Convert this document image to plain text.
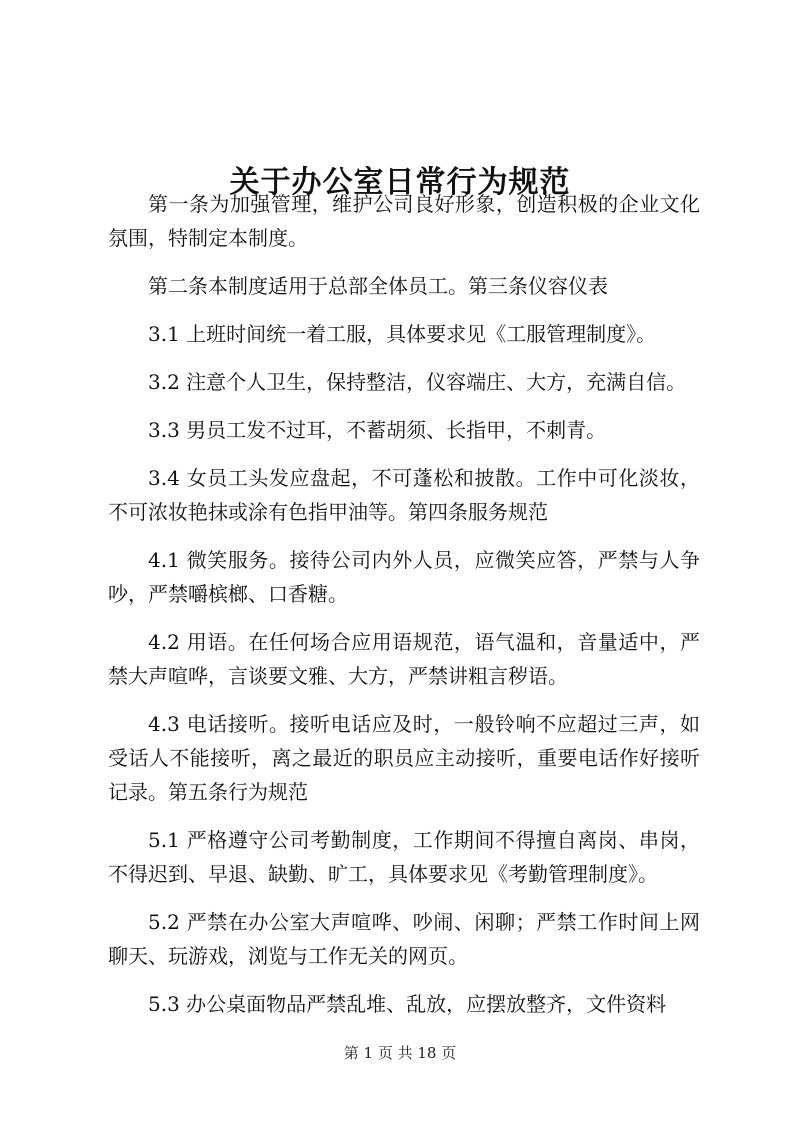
关于办公室日常行为规范

第一条为加强管理，维护公司良好形象，创造积极的企业文化氛围，特制定本制度。

第二条本制度适用于总部全体员工。第三条仪容仪表

3.1 上班时间统一着工服，具体要求见《工服管理制度》。

3.2 注意个人卫生，保持整洁，仪容端庄、大方，充满自信。

3.3 男员工发不过耳，不蓄胡须、长指甲，不刺青。

3.4 女员工头发应盘起，不可蓬松和披散。工作中可化淡妆，不可浓妆艳抹或涂有色指甲油等。第四条服务规范

4.1 微笑服务。接待公司内外人员，应微笑应答，严禁与人争吵，严禁嚼槟榔、口香糖。

4.2 用语。在任何场合应用语规范，语气温和，音量适中，严禁大声喧哗，言谈要文雅、大方，严禁讲粗言秽语。

4.3 电话接听。接听电话应及时，一般铃响不应超过三声，如受话人不能接听，离之最近的职员应主动接听，重要电话作好接听记录。第五条行为规范

5.1 严格遵守公司考勤制度，工作期间不得擅自离岗、串岗，不得迟到、早退、缺勤、旷工，具体要求见《考勤管理制度》。

5.2 严禁在办公室大声喧哗、吵闹、闲聊；严禁工作时间上网聊天、玩游戏，浏览与工作无关的网页。

5.3 办公桌面物品严禁乱堆、乱放，应摆放整齐，文件资料

第 1 页 共 18 页
